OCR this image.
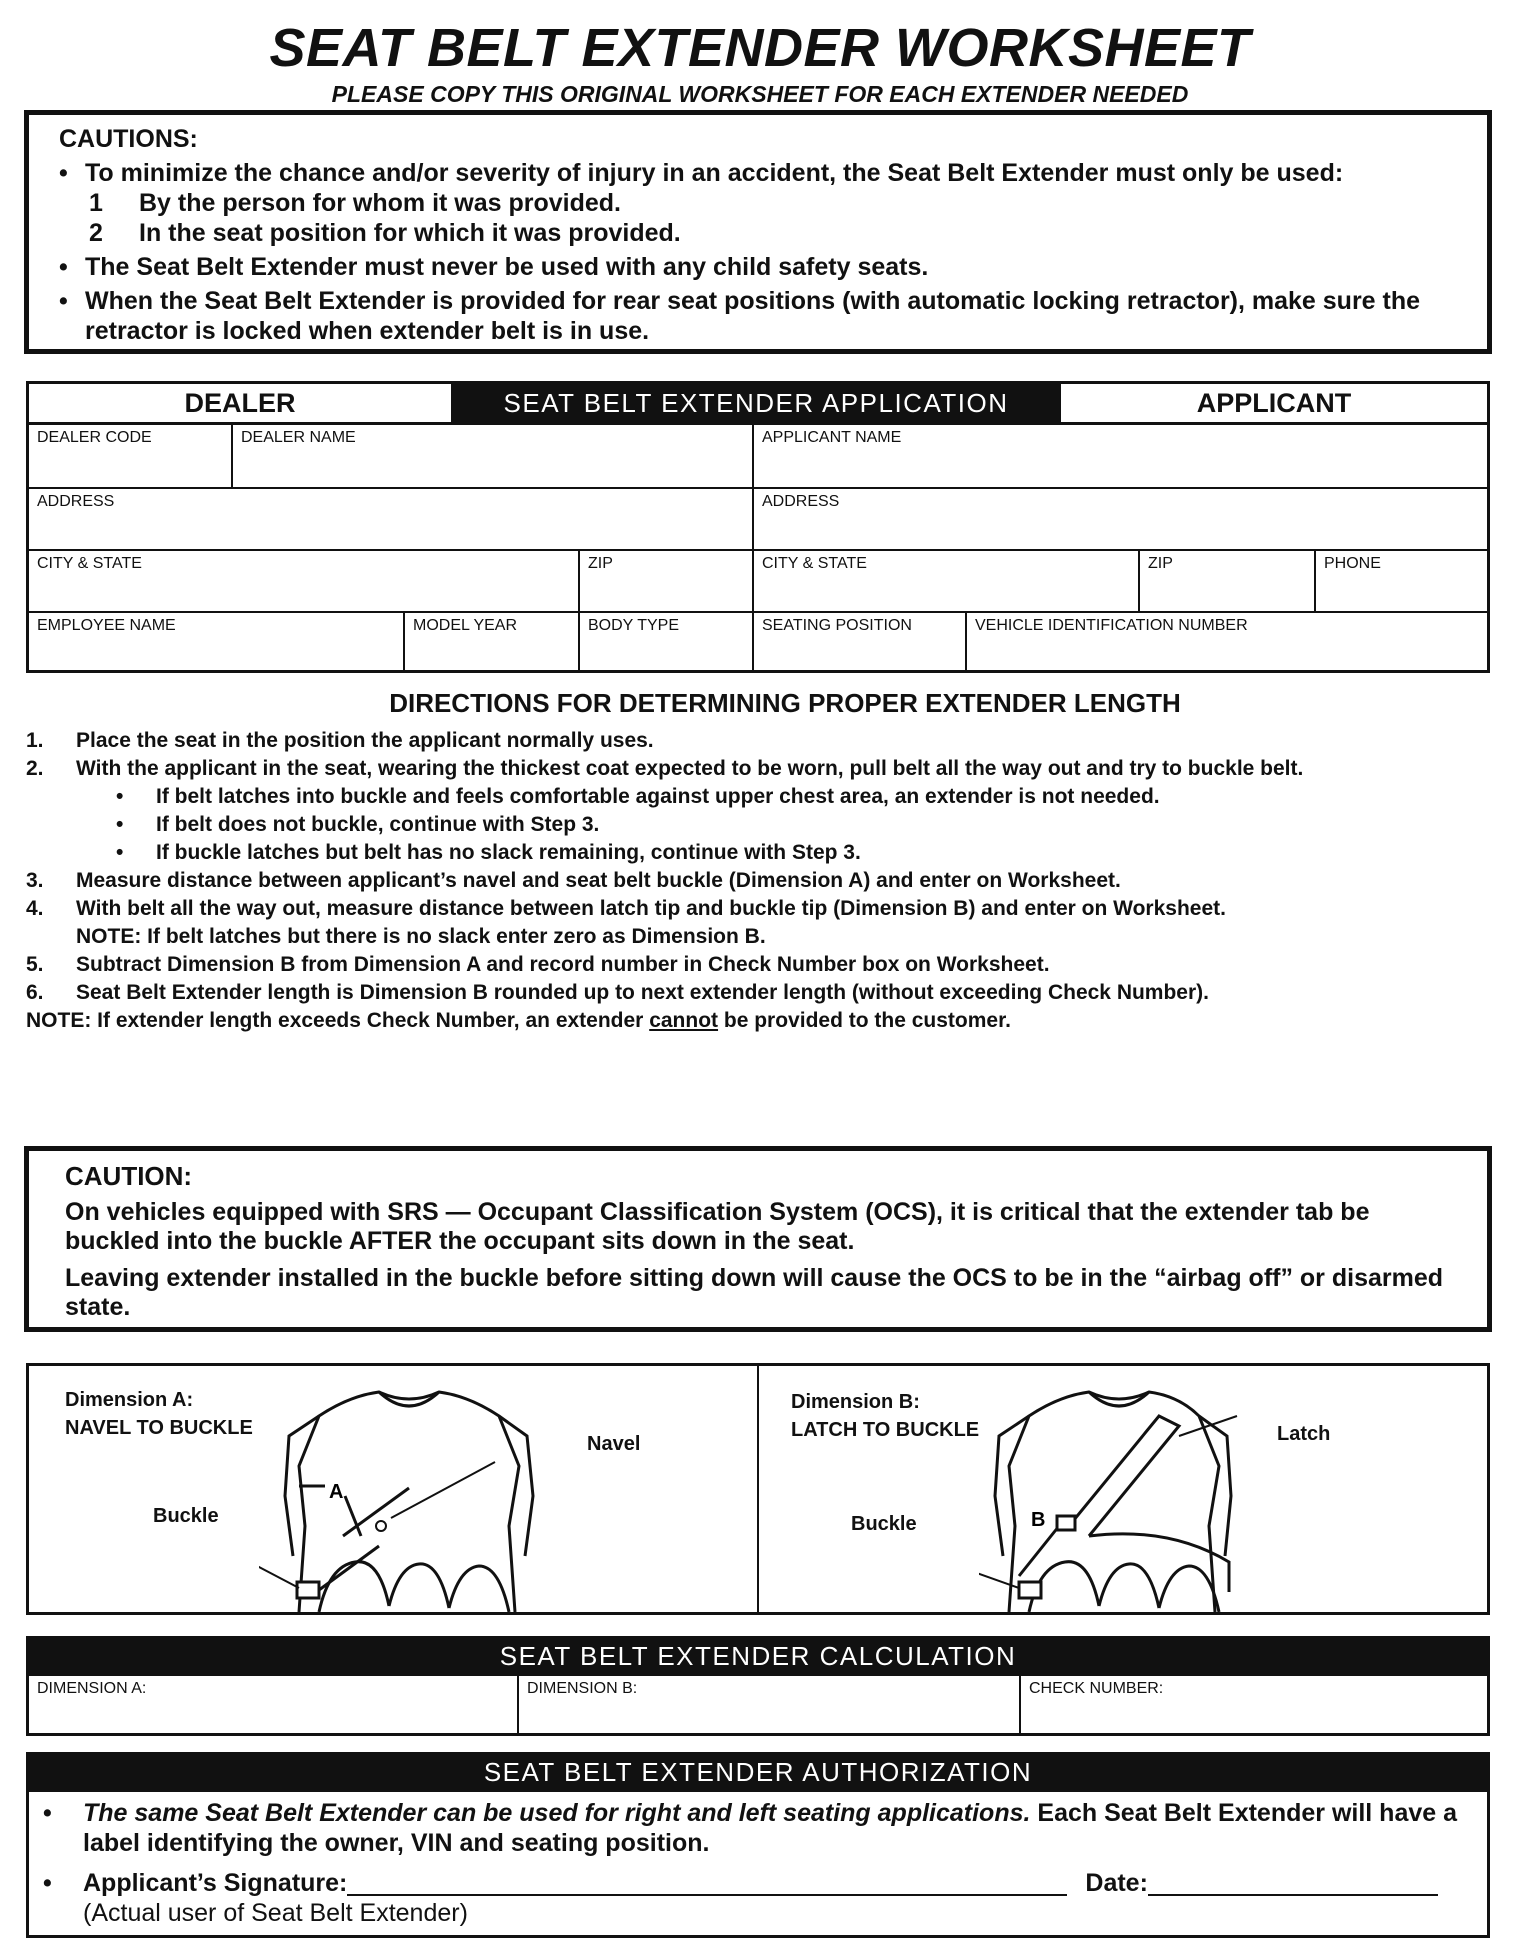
SEAT BELT EXTENDER WORKSHEET
PLEASE COPY THIS ORIGINAL WORKSHEET FOR EACH EXTENDER NEEDED
CAUTIONS:
• To minimize the chance and/or severity of injury in an accident, the Seat Belt Extender must only be used:
1	By the person for whom it was provided.
2	In the seat position for which it was provided.
• The Seat Belt Extender must never be used with any child safety seats.
• When the Seat Belt Extender is provided for rear seat positions (with automatic locking retractor), make sure the retractor is locked when extender belt is in use.
DEALER	SEAT BELT EXTENDER APPLICATION	APPLICANT
DEALER CODE	DEALER NAME	APPLICANT NAME
ADDRESS	ADDRESS
CITY & STATE	ZIP	CITY & STATE	ZIP	PHONE
EMPLOYEE NAME	MODEL YEAR	BODY TYPE	SEATING POSITION	VEHICLE IDENTIFICATION NUMBER
DIRECTIONS FOR DETERMINING PROPER EXTENDER LENGTH
1.	Place the seat in the position the applicant normally uses.
2.	With the applicant in the seat, wearing the thickest coat expected to be worn, pull belt all the way out and try to buckle belt.
•	If belt latches into buckle and feels comfortable against upper chest area, an extender is not needed.
•	If belt does not buckle, continue with Step 3.
•	If buckle latches but belt has no slack remaining, continue with Step 3.
3.	Measure distance between applicant’s navel and seat belt buckle (Dimension A) and enter on Worksheet.
4.	With belt all the way out, measure distance between latch tip and buckle tip (Dimension B) and enter on Worksheet.
NOTE: If belt latches but there is no slack enter zero as Dimension B.
5.	Subtract Dimension B from Dimension A and record number in Check Number box on Worksheet.
6.	Seat Belt Extender length is Dimension B rounded up to next extender length (without exceeding Check Number).
NOTE: If extender length exceeds Check Number, an extender cannot be provided to the customer.
CAUTION:
On vehicles equipped with SRS — Occupant Classification System (OCS), it is critical that the extender tab be buckled into the buckle AFTER the occupant sits down in the seat.
Leaving extender installed in the buckle before sitting down will cause the OCS to be in the “airbag off” or disarmed state.
Dimension A:
NAVEL TO BUCKLE
Navel
Buckle
A
Dimension B:
LATCH TO BUCKLE	Latch
Buckle	B
SEAT BELT EXTENDER CALCULATION
DIMENSION A:	DIMENSION B:	CHECK NUMBER:
SEAT BELT EXTENDER AUTHORIZATION
•	The same Seat Belt Extender can be used for right and left seating applications. Each Seat Belt Extender will have a label identifying the owner, VIN and seating position.
•	Applicant’s Signature:	Date:
(Actual user of Seat Belt Extender)
